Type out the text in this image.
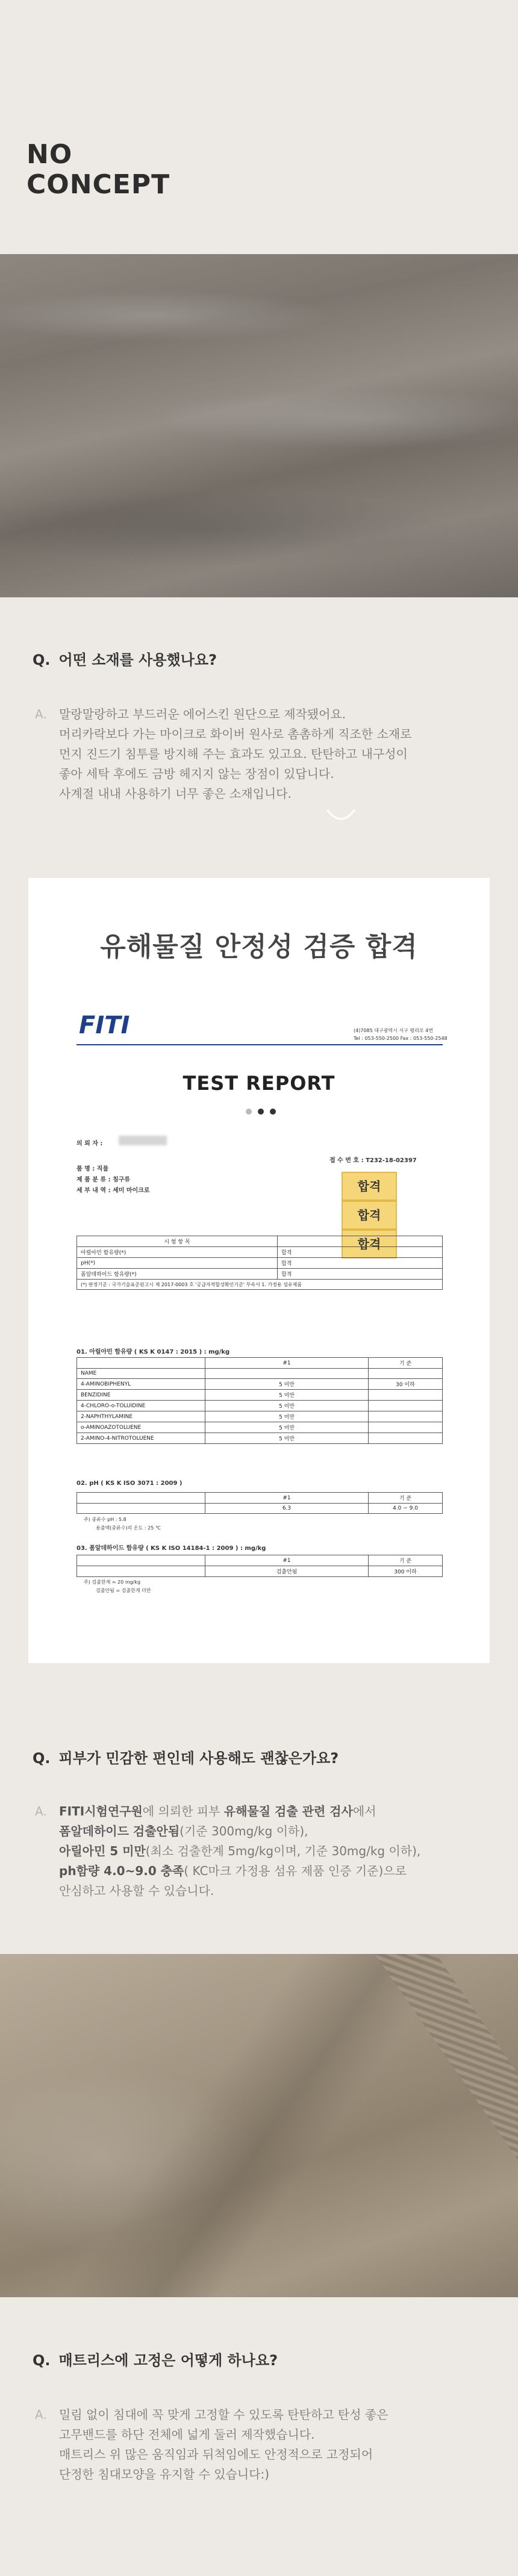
NO
CONCEPT
Q. 어떤 소재를 사용했나요?
A. 말랑말랑하고 부드러운 에어스킨 원단으로 제작됐어요.
머리카락보다 가는 마이크로 화이버 원사로 촘촘하게 직조한 소재로
먼지 진드기 침투를 방지해 주는 효과도 있고요. 탄탄하고 내구성이
좋아 세탁 후에도 금방 헤지지 않는 장점이 있답니다.
사계절 내내 사용하기 너무 좋은 소재입니다.
유해물질 안정성 검증 합격
FITI	(4)7085 대구광역시 서구 평리로 4번
Tel : 053-550-2500 Fax : 053-550-2548
TEST REPORT
의 뢰 자 :
품 명 : 직물
제 품 분 류 : 침구류
세 부 내 역 : 세미 마이크로
접 수 번 호 : T232-18-02397
합격
합격
합격
시 험 항 목	
아릴아민 함유량(*)	합격
pH(*)	합격
폼알데하이드 함유량(*)	합격
(*) 판정기준 : 국가기술표준원고시 제 2017-0003 호 '공급자적합성확인기준' 부속서 1. 가정용 섬유제품	
01. 아릴아민 함유량 ( KS K 0147 : 2015 ) : mg/kg
	#1	기 준
NAME		
4-AMINOBIPHENYL	5 미만	30 이하
BENZIDINE	5 미만	
4-CHLORO-o-TOLUIDINE	5 미만	
2-NAPHTHYLAMINE	5 미만	
o-AMINOAZOTOLUENE	5 미만	
2-AMINO-4-NITROTOLUENE	5 미만	
02. pH ( KS K ISO 3071 : 2009 )
	#1	기 준
	6.3	4.0 ~ 9.0
주) 중류수 pH : 5.8
용출액(중류수)의 온도 : 25 ℃
03. 폼알데하이드 함유량 ( KS K ISO 14184-1 : 2009 ) : mg/kg
	#1	기 준
	검출안됨	300 이하
주) 검출한계 = 20 mg/kg
검출안됨 = 검출한계 미만
Q. 피부가 민감한 편인데 사용해도 괜찮은가요?
A. FITI시험연구원에 의뢰한 피부 유해물질 검출 관련 검사에서
폼알데하이드 검출안됨(기준 300mg/kg 이하),
아릴아민 5 미만(최소 검출한계 5mg/kg이며, 기준 30mg/kg 이하),
ph함량 4.0~9.0 충족( KC마크 가정용 섬유 제품 인증 기준)으로
안심하고 사용할 수 있습니다.
Q. 매트리스에 고정은 어떻게 하나요?
A. 밀림 없이 침대에 꼭 맞게 고정할 수 있도록 탄탄하고 탄성 좋은
고무밴드를 하단 전체에 넓게 둘러 제작했습니다.
매트리스 위 많은 움직임과 뒤척임에도 안정적으로 고정되어
단정한 침대모양을 유지할 수 있습니다:)
